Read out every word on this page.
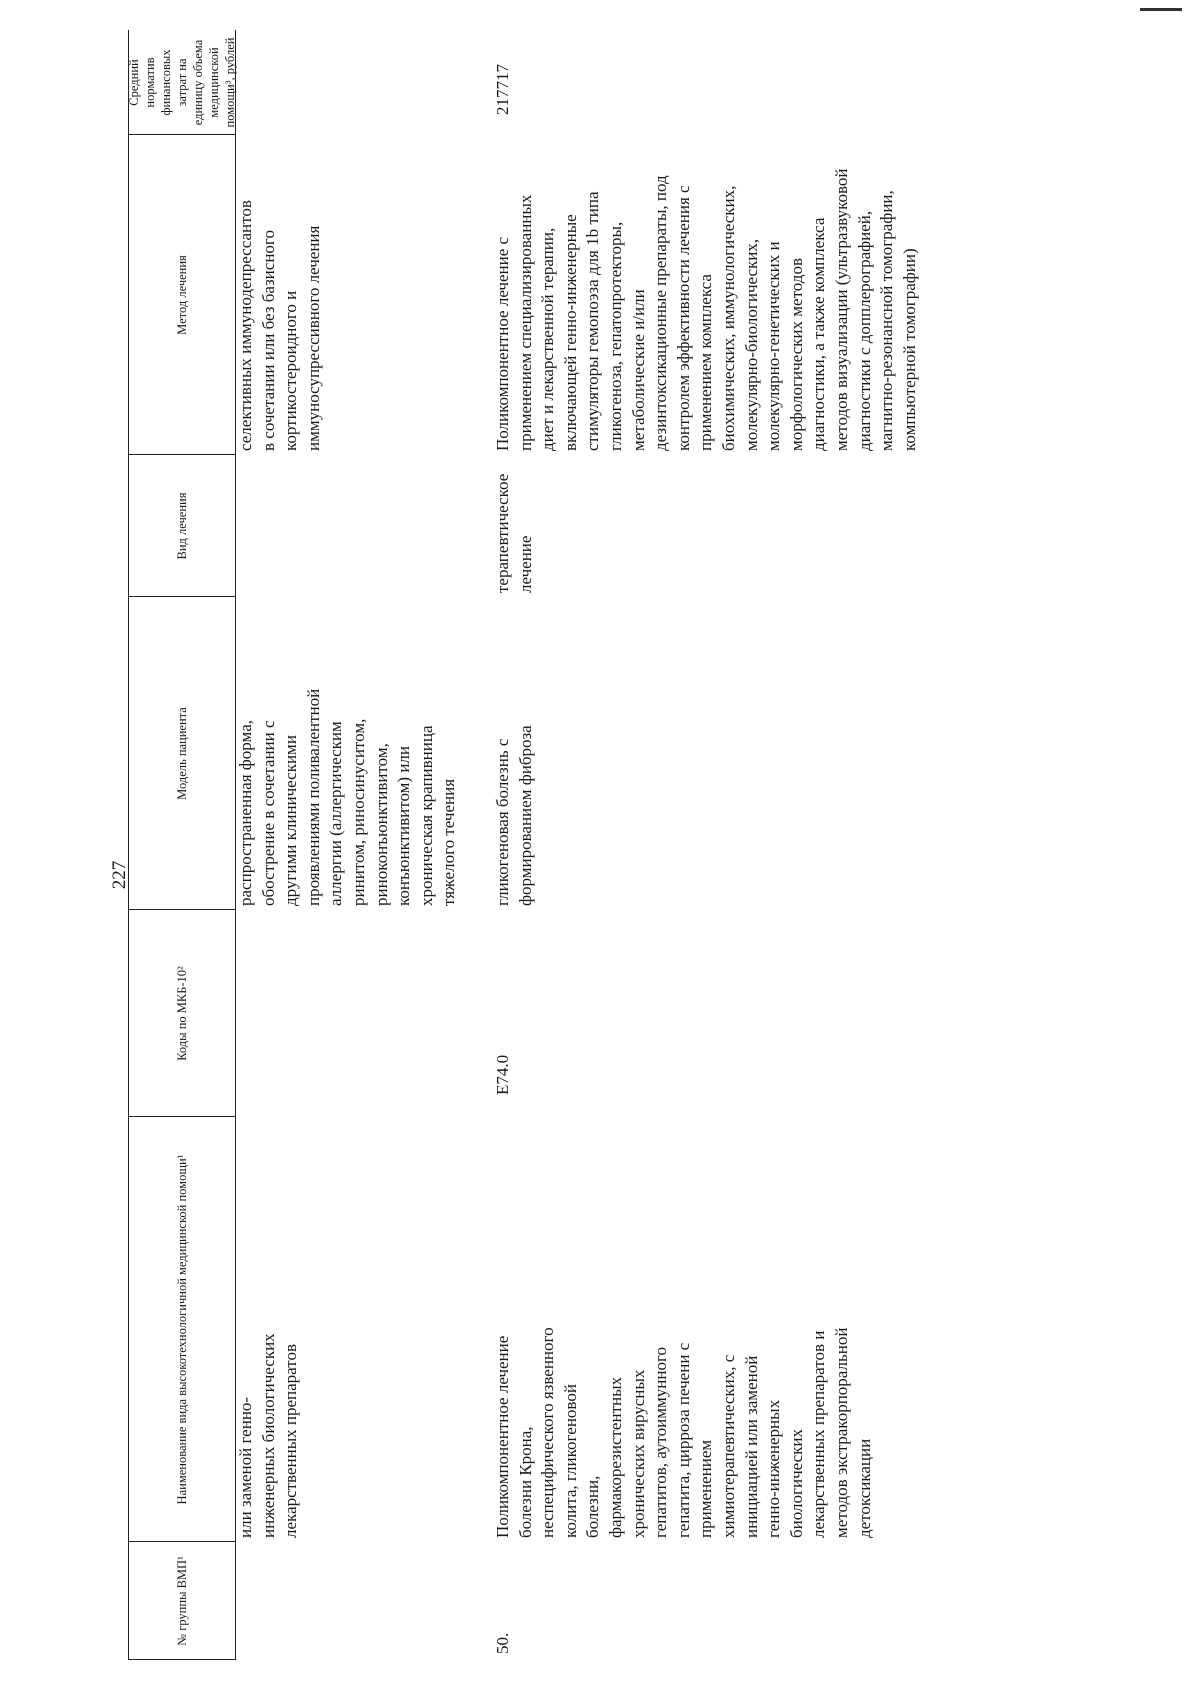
227
№ группы ВМП¹
Наименование вида высокотехнологичной медицинской помощи¹
Коды по МКБ-10²
Модель пациента
Вид лечения
Метод лечения
Средний норматив финансовых затрат на единицу объема медицинской помощи³, рублей
или заменой генно-
инженерных биологических
лекарственных препаратов
распространенная форма,
обострение в сочетании с
другими клиническими
проявлениями поливалентной
аллергии (аллергическим
ринитом, риносинуситом,
риноконъюнктивитом,
конъюнктивитом) или
хроническая крапивница
тяжелого течения
селективных иммунодепрессантов
в сочетании или без базисного
кортикостероидного и
иммуносупрессивного лечения
50.
Поликомпонентное лечение
болезни Крона,
неспецифического язвенного
колита, гликогеновой
болезни,
фармакорезистентных
хронических вирусных
гепатитов, аутоиммунного
гепатита, цирроза печени с
применением
химиотерапевтических, с
инициацией или заменой
генно-инженерных
биологических
лекарственных препаратов и
методов экстракорпоральной
детоксикации
E74.0
гликогеновая болезнь с
формированием фиброза
терапевтическое
лечение
Поликомпонентное лечение с
применением специализированных
диет и лекарственной терапии,
включающей генно-инженерные
стимуляторы гемопоэза для 1b типа
гликогеноза, гепатопротекторы,
метаболические и/или
дезинтоксикационные препараты, под
контролем эффективности лечения с
применением комплекса
биохимических, иммунологических,
молекулярно-биологических,
молекулярно-генетических и
морфологических методов
диагностики, а также комплекса
методов визуализации (ультразвуковой
диагностики с допплерографией,
магнитно-резонансной томографии,
компьютерной томографии)
217717
